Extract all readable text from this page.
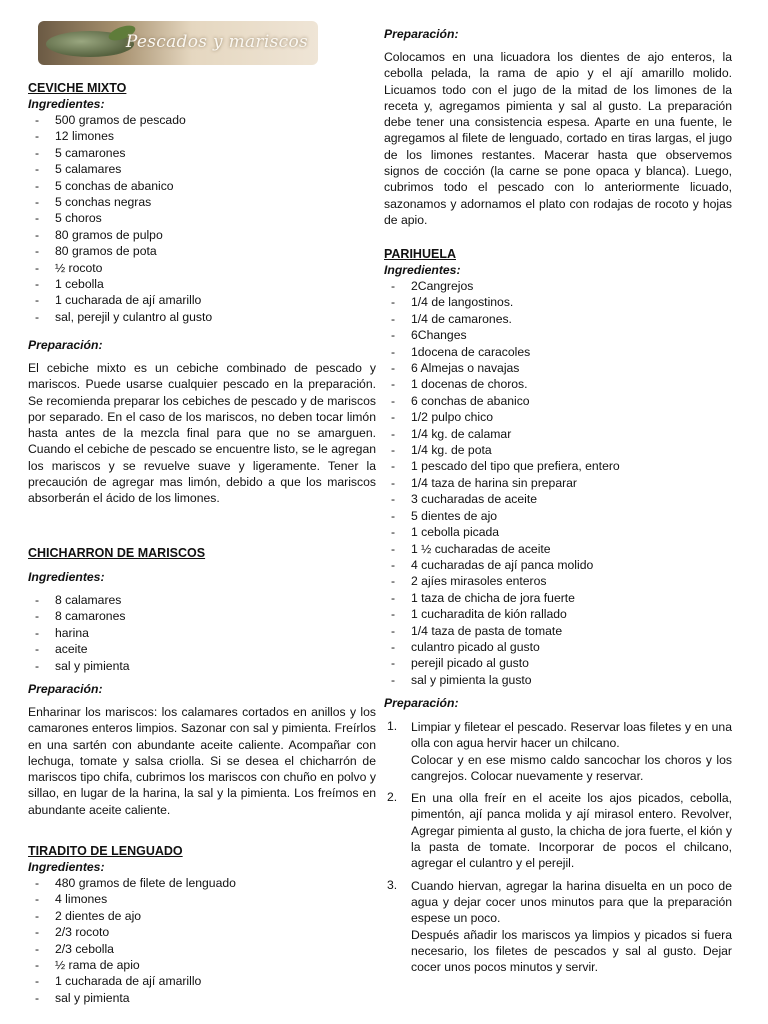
Pescados y mariscos
CEVICHE MIXTO
Ingredientes:
- 500 gramos de pescado
- 12 limones
- 5 camarones
- 5 calamares
- 5 conchas de abanico
- 5 conchas negras
- 5 choros
- 80 gramos de pulpo
- 80 gramos de pota
- ½ rocoto
- 1 cebolla
- 1 cucharada de ají amarillo
- sal, perejil y culantro al gusto
Preparación:

El cebiche mixto es un cebiche combinado de pescado y mariscos. Puede usarse cualquier pescado en la preparación. Se recomienda preparar los cebiches de pescado y de mariscos por separado. En el caso de los mariscos, no deben tocar limón hasta antes de la mezcla final para que no se amarguen. Cuando el cebiche de pescado se encuentre listo, se le agregan los mariscos y se revuelve suave y ligeramente. Tener la precaución de agregar mas limón, debido a que los mariscos absorberán el ácido de los limones.

CHICHARRON DE MARISCOS
Ingredientes:
- 8 calamares
- 8 camarones
- harina
- aceite
- sal y pimienta
Preparación:

Enharinar los mariscos: los calamares cortados en anillos y los camarones enteros limpios. Sazonar con sal y pimienta. Freírlos en una sartén con abundante aceite caliente. Acompañar con lechuga, tomate y salsa criolla. Si se desea el chicharrón de mariscos tipo chifa, cubrimos los mariscos con chuño en polvo y sillao, en lugar de la harina, la sal y la pimienta. Los freímos en abundante aceite caliente.

TIRADITO DE LENGUADO
Ingredientes:
- 480 gramos de filete de lenguado
- 4 limones
- 2 dientes de ajo
- 2/3 rocoto
- 2/3 cebolla
- ½ rama de apio
- 1 cucharada de ají amarillo
- sal y pimienta
Preparación:

Colocamos en una licuadora los dientes de ajo enteros, la cebolla pelada, la rama de apio y el ají amarillo molido. Licuamos todo con el jugo de la mitad de los limones de la receta y, agregamos pimienta y sal al gusto. La preparación debe tener una consistencia espesa. Aparte en una fuente, le agregamos al filete de lenguado, cortado en tiras largas, el jugo de los limones restantes. Macerar hasta que observemos signos de cocción (la carne se pone opaca y blanca). Luego, cubrimos todo el pescado con lo anteriormente licuado, sazonamos y adornamos el plato con rodajas de rocoto y hojas de apio.

PARIHUELA
Ingredientes:
- 2Cangrejos
- 1/4 de langostinos.
- 1/4 de camarones.
- 6Changes
- 1docena de caracoles
- 6 Almejas o navajas
- 1 docenas de choros.
- 6 conchas de abanico
- 1/2 pulpo chico
- 1/4 kg. de calamar
- 1/4 kg. de pota
- 1 pescado del tipo que prefiera, entero
- 1/4 taza de harina sin preparar
- 3 cucharadas de aceite
- 5 dientes de ajo
- 1 cebolla picada
- 1 ½ cucharadas de aceite
- 4 cucharadas de ají panca molido
- 2 ajíes mirasoles enteros
- 1 taza de chicha de jora fuerte
- 1 cucharadita de kión rallado
- 1/4 taza de pasta de tomate
- culantro picado al gusto
- perejil picado al gusto
- sal y pimienta la gusto
Preparación:
1. Limpiar y filetear el pescado. Reservar loas filetes y en una olla con agua hervir hacer un chilcano.
Colocar y en ese mismo caldo sancochar los choros y los cangrejos. Colocar nuevamente y reservar.
2. En una olla freír en el aceite los ajos picados, cebolla, pimentón, ají panca molida y ají mirasol entero. Revolver, Agregar pimienta al gusto, la chicha de jora fuerte, el kión y la pasta de tomate. Incorporar de pocos el chilcano, agregar el culantro y el perejil.
3. Cuando hiervan, agregar la harina disuelta en un poco de agua y dejar cocer unos minutos para que la preparación espese un poco.
Después añadir los mariscos ya limpios y picados si fuera necesario, los filetes de pescados y sal al gusto. Dejar cocer unos pocos minutos y servir.
